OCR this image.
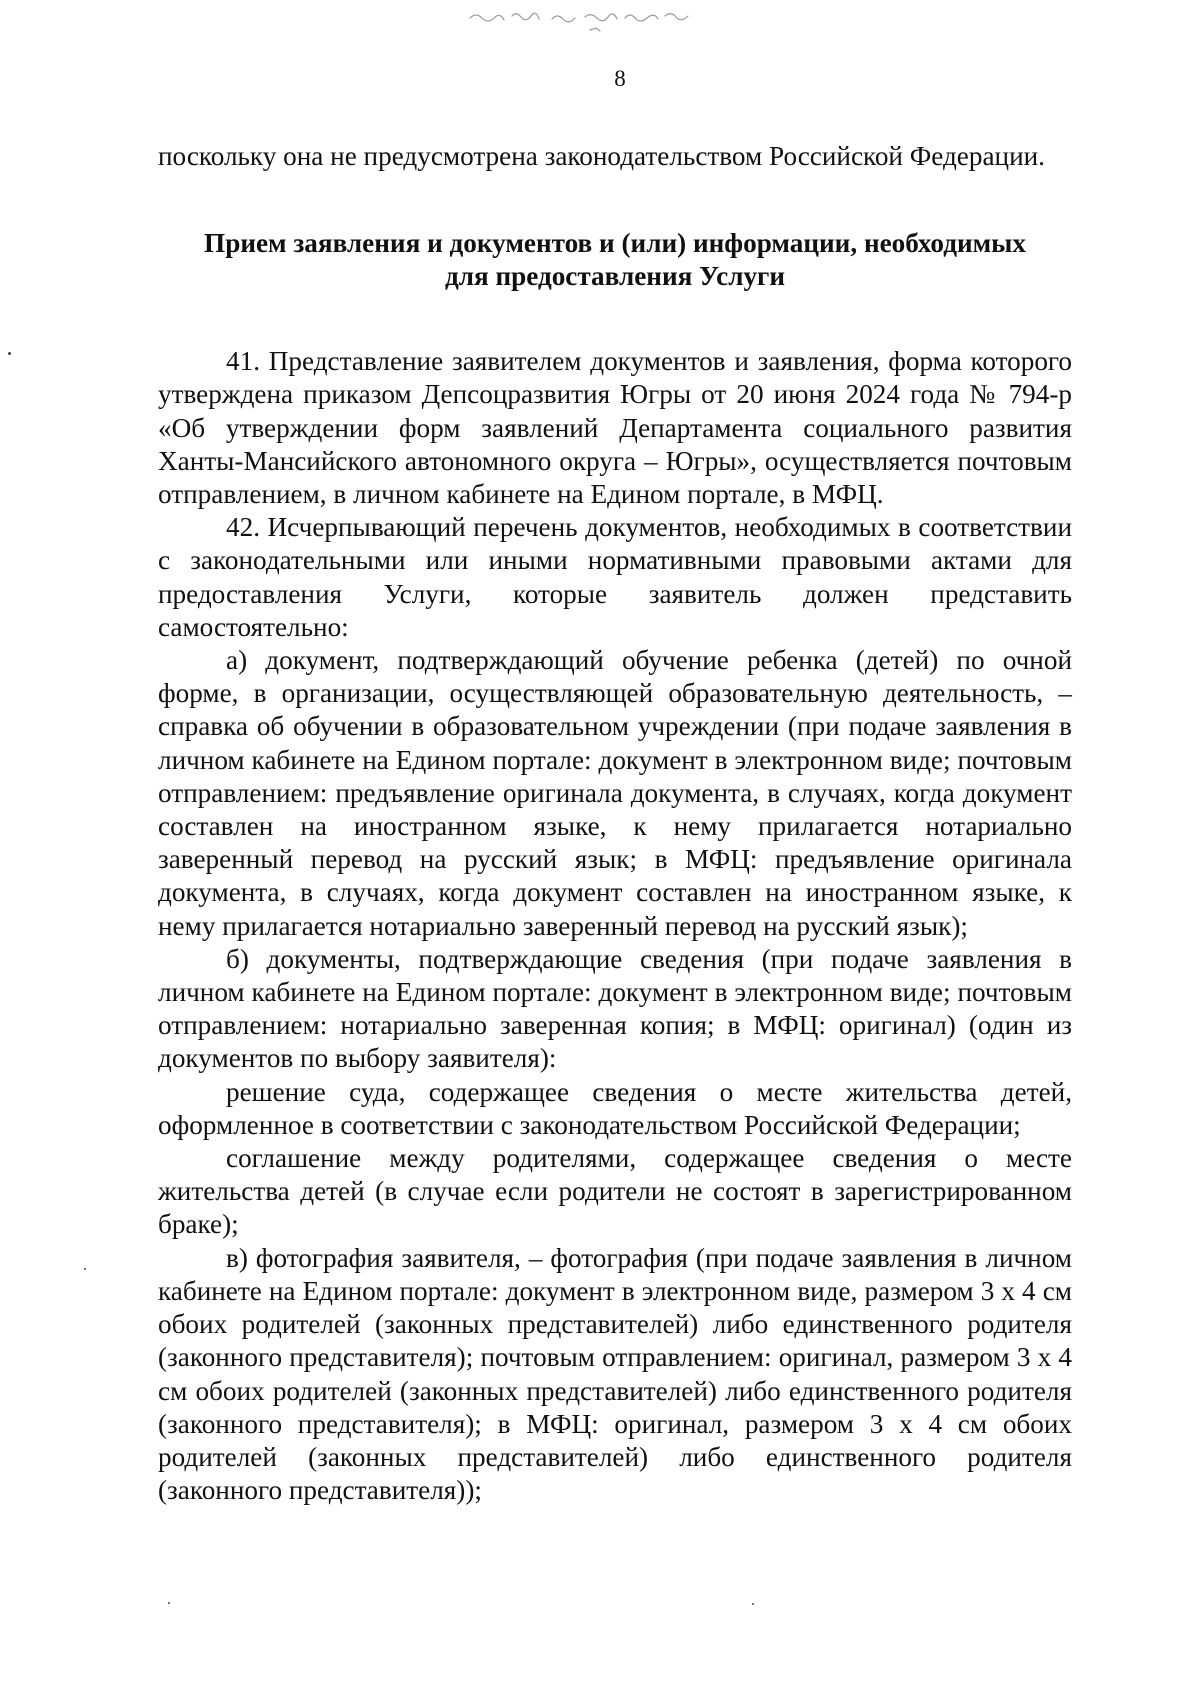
8

поскольку она не предусмотрена законодательством Российской Федерации.

Прием заявления и документов и (или) информации, необходимых
для предоставления Услуги

41. Представление заявителем документов и заявления, форма которого утверждена приказом Депсоцразвития Югры от 20 июня 2024 года № 794-р «Об утверждении форм заявлений Департамента социального развития Ханты-Мансийского автономного округа – Югры», осуществляется почтовым отправлением, в личном кабинете на Едином портале, в МФЦ.

42. Исчерпывающий перечень документов, необходимых в соответствии с законодательными или иными нормативными правовыми актами для предоставления Услуги, которые заявитель должен представить самостоятельно:

а) документ, подтверждающий обучение ребенка (детей) по очной форме, в организации, осуществляющей образовательную деятельность, – справка об обучении в образовательном учреждении (при подаче заявления в личном кабинете на Едином портале: документ в электронном виде; почтовым отправлением: предъявление оригинала документа, в случаях, когда документ составлен на иностранном языке, к нему прилагается нотариально заверенный перевод на русский язык; в МФЦ: предъявление оригинала документа, в случаях, когда документ составлен на иностранном языке, к нему прилагается нотариально заверенный перевод на русский язык);

б) документы, подтверждающие сведения (при подаче заявления в личном кабинете на Едином портале: документ в электронном виде; почтовым отправлением: нотариально заверенная копия; в МФЦ: оригинал) (один из документов по выбору заявителя):

решение суда, содержащее сведения о месте жительства детей, оформленное в соответствии с законодательством Российской Федерации;

соглашение между родителями, содержащее сведения о месте жительства детей (в случае если родители не состоят в зарегистрированном браке);

в) фотография заявителя, – фотография (при подаче заявления в личном кабинете на Едином портале: документ в электронном виде, размером 3 х 4 см обоих родителей (законных представителей) либо единственного родителя (законного представителя); почтовым отправлением: оригинал, размером 3 х 4 см обоих родителей (законных представителей) либо единственного родителя (законного представителя); в МФЦ: оригинал, размером 3 х 4 см обоих родителей (законных представителей) либо единственного родителя (законного представителя));
